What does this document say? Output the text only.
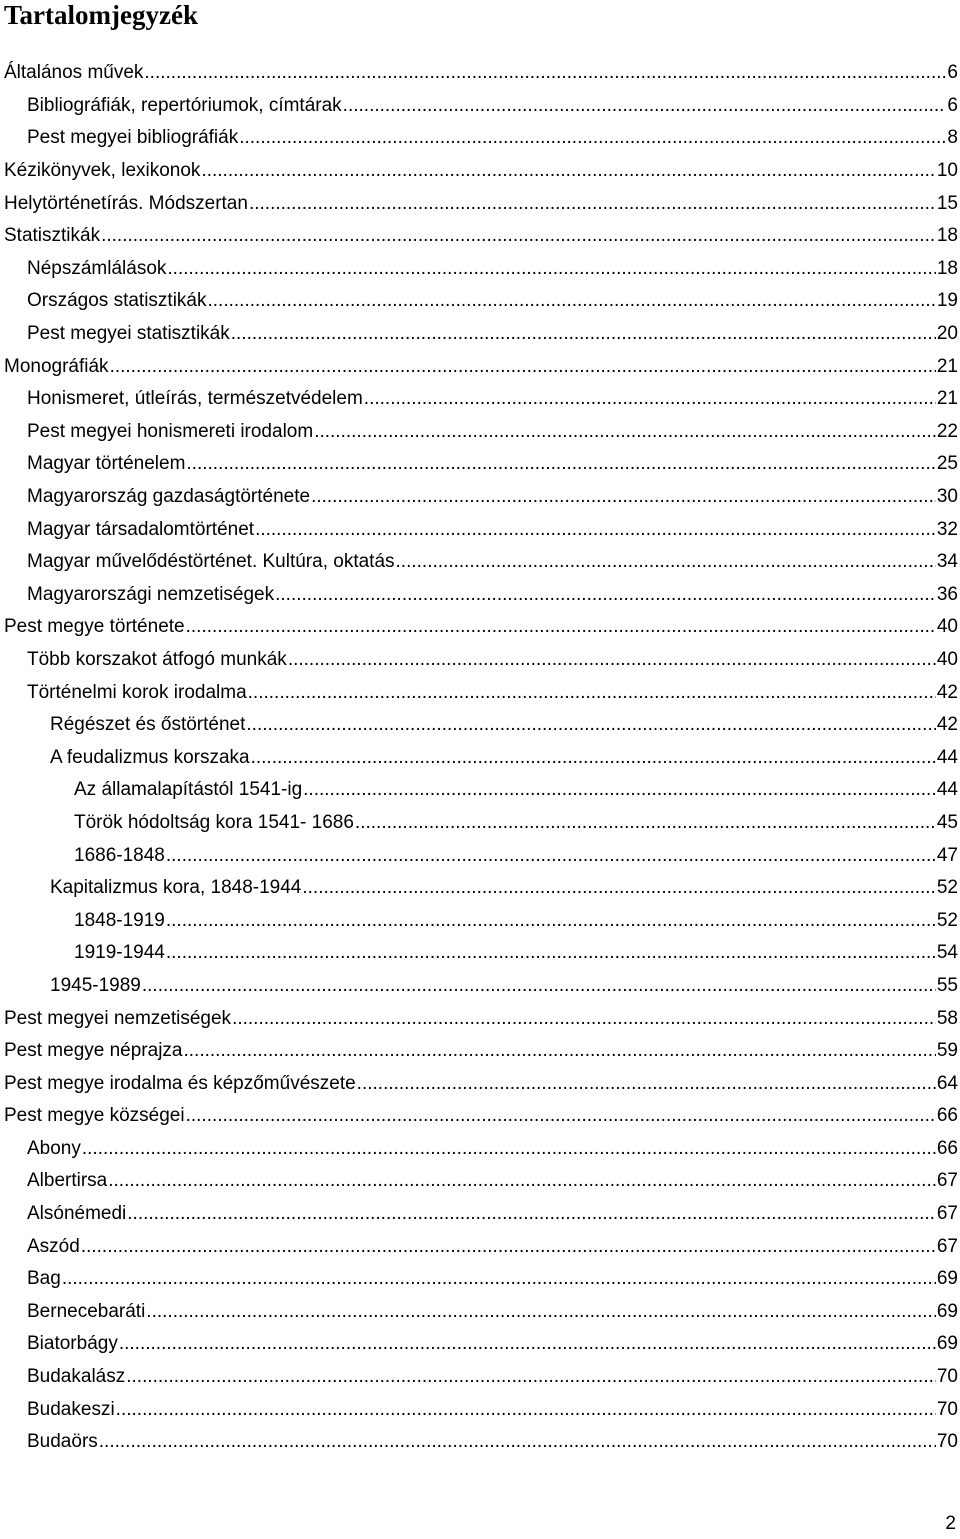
Tartalomjegyzék
Általános művek .....	6
Bibliográfiák, repertóriumok, címtárak .....	6
Pest megyei bibliográfiák .....	8
Kézikönyvek, lexikonok .....	10
Helytörténetírás. Módszertan .....	15
Statisztikák .....	18
Népszámlálások .....	18
Országos statisztikák .....	19
Pest megyei statisztikák .....	20
Monográfiák .....	21
Honismeret, útleírás, természetvédelem .....	21
Pest megyei honismereti irodalom .....	22
Magyar történelem .....	25
Magyarország gazdaságtörténete .....	30
Magyar társadalomtörténet .....	32
Magyar művelődéstörténet. Kultúra, oktatás .....	34
Magyarországi nemzetiségek .....	36
Pest megye története .....	40
Több korszakot átfogó munkák .....	40
Történelmi korok irodalma .....	42
Régészet és őstörténet .....	42
A feudalizmus korszaka .....	44
Az államalapítástól 1541-ig .....	44
Török hódoltság kora 1541- 1686 .....	45
1686-1848 .....	47
Kapitalizmus kora, 1848-1944 .....	52
1848-1919 .....	52
1919-1944 .....	54
1945-1989 .....	55
Pest megyei nemzetiségek .....	58
Pest megye néprajza .....	59
Pest megye irodalma és képzőművészete .....	64
Pest megye községei .....	66
Abony .....	66
Albertirsa .....	67
Alsónémedi .....	67
Aszód .....	67
Bag .....	69
Bernecebaráti .....	69
Biatorbágy .....	69
Budakalász .....	70
Budakeszi .....	70
Budaörs .....	70
2
